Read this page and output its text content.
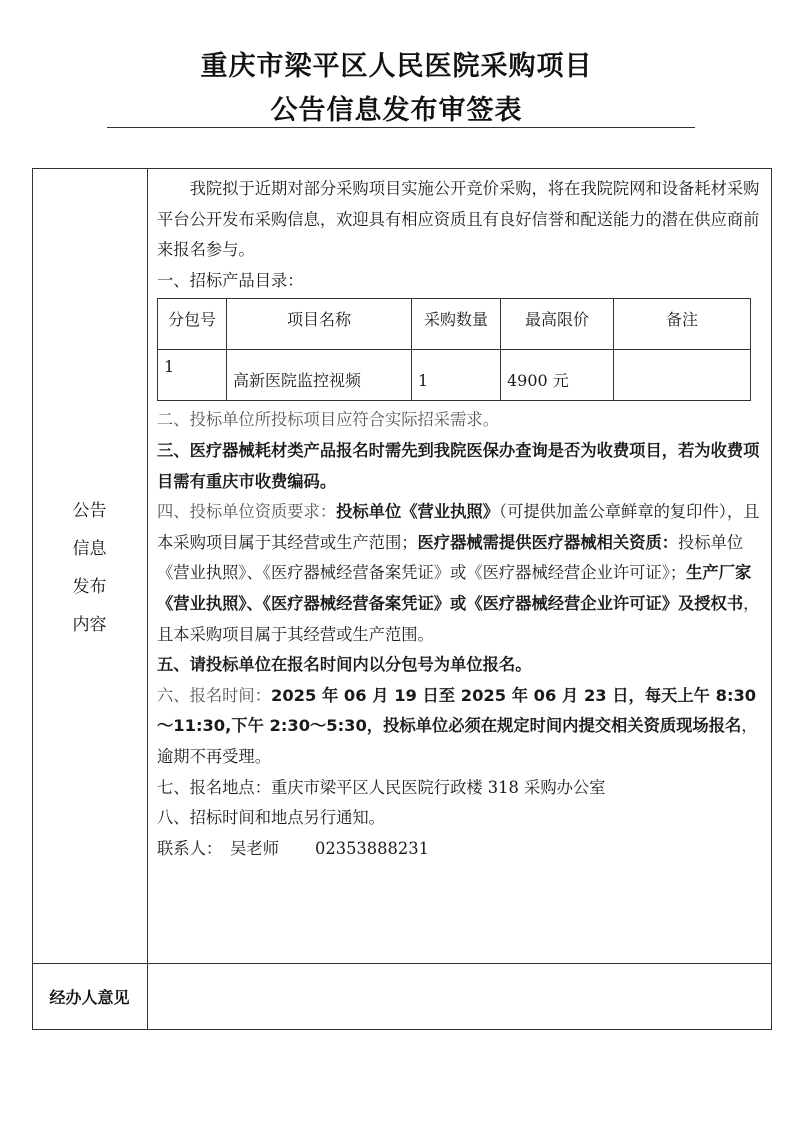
重庆市梁平区人民医院采购项目
公告信息发布审签表
公告
信息
发布
内容
经办人意见

我院拟于近期对部分采购项目实施公开竞价采购，将在我院院网和设备耗材采购平台公开发布采购信息，欢迎具有相应资质且有良好信誉和配送能力的潜在供应商前来报名参与。

一、招标产品目录：

分包号	项目名称	采购数量	最高限价	备注
1	高新医院监控视频	1	4900 元	

二、投标单位所投标项目应符合实际招采需求。

三、医疗器械耗材类产品报名时需先到我院医保办查询是否为收费项目，若为收费项目需有重庆市收费编码。

四、投标单位资质要求：投标单位《营业执照》（可提供加盖公章鲜章的复印件），且本采购项目属于其经营或生产范围；医疗器械需提供医疗器械相关资质：投标单位《营业执照》、《医疗器械经营备案凭证》或《医疗器械经营企业许可证》；生产厂家《营业执照》、《医疗器械经营备案凭证》或《医疗器械经营企业许可证》及授权书，且本采购项目属于其经营或生产范围。

五、请投标单位在报名时间内以分包号为单位报名。

六、报名时间：2025 年 06 月 19 日至 2025 年 06 月 23 日，每天上午 8:30～11:30,下午 2:30～5:30，投标单位必须在规定时间内提交相关资质现场报名，逾期不再受理。

七、报名地点：重庆市梁平区人民医院行政楼 318 采购办公室

八、招标时间和地点另行通知。

联系人： 吴老师 02353888231
